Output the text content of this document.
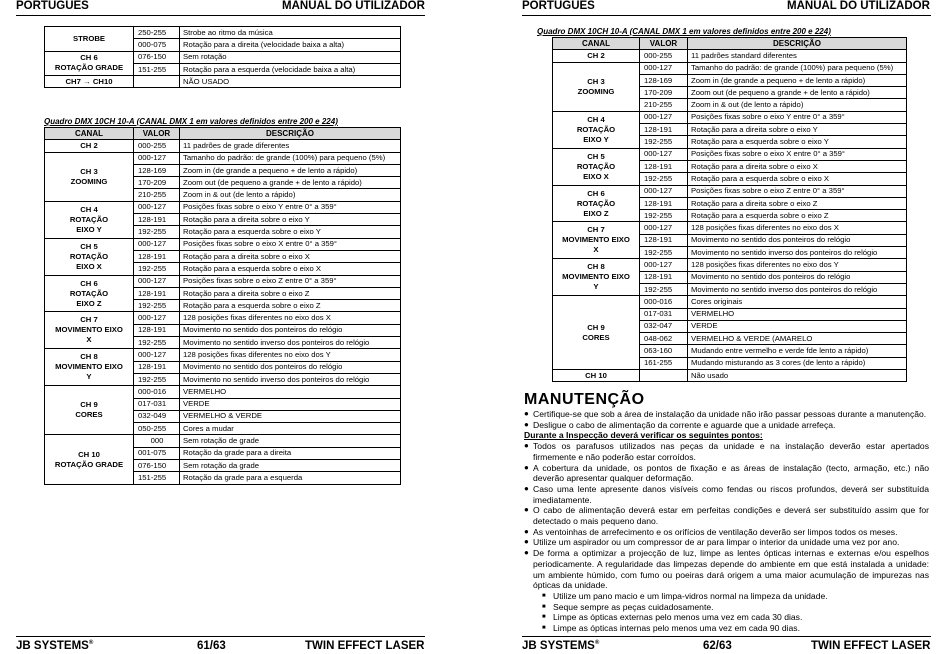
PORTUGUÊS	MANUAL DO UTILIZADOR
STROBE	250-255	Strobe ao ritmo da música
	000-075	Rotação para a direita (velocidade baixa a alta)
CH 6
ROTAÇÃO GRADE	076-150	Sem rotação
	151-255	Rotação para a esquerda (velocidade baixa a alta)
CH7 → CH10		NÃO USADO
Quadro DMX 10CH 10-A (CANAL DMX 1 em valores definidos entre 200 e 224)
CANAL	VALOR	DESCRIÇÃO
CH 2	000-255	11 padrões de grade diferentes
CH 3
ZOOMING	000-127	Tamanho do padrão: de grande (100%) para pequeno (5%)
	128-169	Zoom in (de grande a pequeno + de lento a rápido)
	170-209	Zoom out (de pequeno a grande + de lento a rápido)
	210-255	Zoom in & out (de lento a rápido)
CH 4
ROTAÇÃO
EIXO Y	000-127	Posições fixas sobre o eixo Y entre 0° a 359°
	128-191	Rotação para a direita sobre o eixo Y
	192-255	Rotação para a esquerda sobre o eixo Y
CH 5
ROTAÇÃO
EIXO X	000-127	Posições fixas sobre o eixo X entre 0° a 359°
	128-191	Rotação para a direita sobre o eixo X
	192-255	Rotação para a esquerda sobre o eixo X
CH 6
ROTAÇÃO
EIXO Z	000-127	Posições fixas sobre o eixo Z entre 0° a 359°
	128-191	Rotação para a direita sobre o eixo Z
	192-255	Rotação para a esquerda sobre o eixo Z
CH 7
MOVIMENTO EIXO
X	000-127	128 posições fixas diferentes no eixo dos X
	128-191	Movimento no sentido dos ponteiros do relógio
	192-255	Movimento no sentido inverso dos ponteiros do relógio
CH 8
MOVIMENTO EIXO
Y	000-127	128 posições fixas diferentes no eixo dos Y
	128-191	Movimento no sentido dos ponteiros do relógio
	192-255	Movimento no sentido inverso dos ponteiros do relógio
CH 9
CORES	000-016	VERMELHO
	017-031	VERDE
	032-049	VERMELHO & VERDE
	050-255	Cores a mudar
CH 10
ROTAÇÃO GRADE	000	Sem rotação de grade
	001-075	Rotação da grade para a direita
	076-150	Sem rotação da grade
	151-255	Rotação da grade para a esquerda
JB SYSTEMS®	61/63	TWIN EFFECT LASER
PORTUGUÊS	MANUAL DO UTILIZADOR
Quadro DMX 10CH 10-A (CANAL DMX 1 em valores definidos entre 200 e 224)
CANAL	VALOR	DESCRIÇÃO
CH 2	000-255	11 padrões standard diferentes
CH 3
ZOOMING	000-127	Tamanho do padrão: de grande (100%) para pequeno (5%)
	128-169	Zoom in (de grande a pequeno + de lento a rápido)
	170-209	Zoom out (de pequeno a grande + de lento a rápido)
	210-255	Zoom in & out (de lento a rápido)
CH 4
ROTAÇÃO
EIXO Y	000-127	Posições fixas sobre o eixo Y entre 0° a 359°
	128-191	Rotação para a direita sobre o eixo Y
	192-255	Rotação para a esquerda sobre o eixo Y
CH 5
ROTAÇÃO
EIXO X	000-127	Posições fixas sobre o eixo X entre 0° a 359°
	128-191	Rotação para a direita sobre o eixo X
	192-255	Rotação para a esquerda sobre o eixo X
CH 6
ROTAÇÃO
EIXO Z	000-127	Posições fixas sobre o eixo Z entre 0° a 359°
	128-191	Rotação para a direita sobre o eixo Z
	192-255	Rotação para a esquerda sobre o eixo Z
CH 7
MOVIMENTO EIXO
X	000-127	128 posições fixas diferentes no eixo dos X
	128-191	Movimento no sentido dos ponteiros do relógio
	192-255	Movimento no sentido inverso dos ponteiros do relógio
CH 8
MOVIMENTO EIXO
Y	000-127	128 posições fixas diferentes no eixo dos Y
	128-191	Movimento no sentido dos ponteiros do relógio
	192-255	Movimento no sentido inverso dos ponteiros do relógio
CH 9
CORES	000-016	Cores originais
	017-031	VERMELHO
	032-047	VERDE
	048-062	VERMELHO & VERDE (AMARELO
	063-160	Mudando entre vermelho e verde fde lento a rápido)
	161-255	Mudando misturando as 3 cores (de lento a rápido)
CH 10		Não usado
JB SYSTEMS®	62/63	TWIN EFFECT LASER
MANUTENÇÃO
● Certifique-se que sob a área de instalação da unidade não irão passar pessoas durante a manutenção.
● Desligue o cabo de alimentação da corrente e aguarde que a unidade arrefeça.
Durante a Inspecção deverá verificar os seguintes pontos:
● Todos os parafusos utilizados nas peças da unidade e na instalação deverão estar apertados firmemente e não poderão estar corroídos.
● A cobertura da unidade, os pontos de fixação e as áreas de instalação (tecto, armação, etc.) não deverão apresentar qualquer deformação.
● Caso uma lente apresente danos visíveis como fendas ou riscos profundos, deverá ser substituída imediatamente.
● O cabo de alimentação deverá estar em perfeitas condições e deverá ser substituído assim que for detectado o mais pequeno dano.
● As ventoinhas de arrefecimento e os orifícios de ventilação deverão ser limpos todos os meses.
● Utilize um aspirador ou um compressor de ar para limpar o interior da unidade uma vez por ano.
● De forma a optimizar a projecção de luz, limpe as lentes ópticas internas e externas e/ou espelhos periodicamente. A regularidade das limpezas depende do ambiente em que está instalada a unidade: um ambiente húmido, com fumo ou poeiras dará origem a uma maior acumulação de impurezas nas ópticas da unidade.
■ Utilize um pano macio e um limpa-vidros normal na limpeza da unidade.
■ Seque sempre as peças cuidadosamente.
■ Limpe as ópticas externas pelo menos uma vez em cada 30 dias.
■ Limpe as ópticas internas pelo menos uma vez em cada 90 dias.
